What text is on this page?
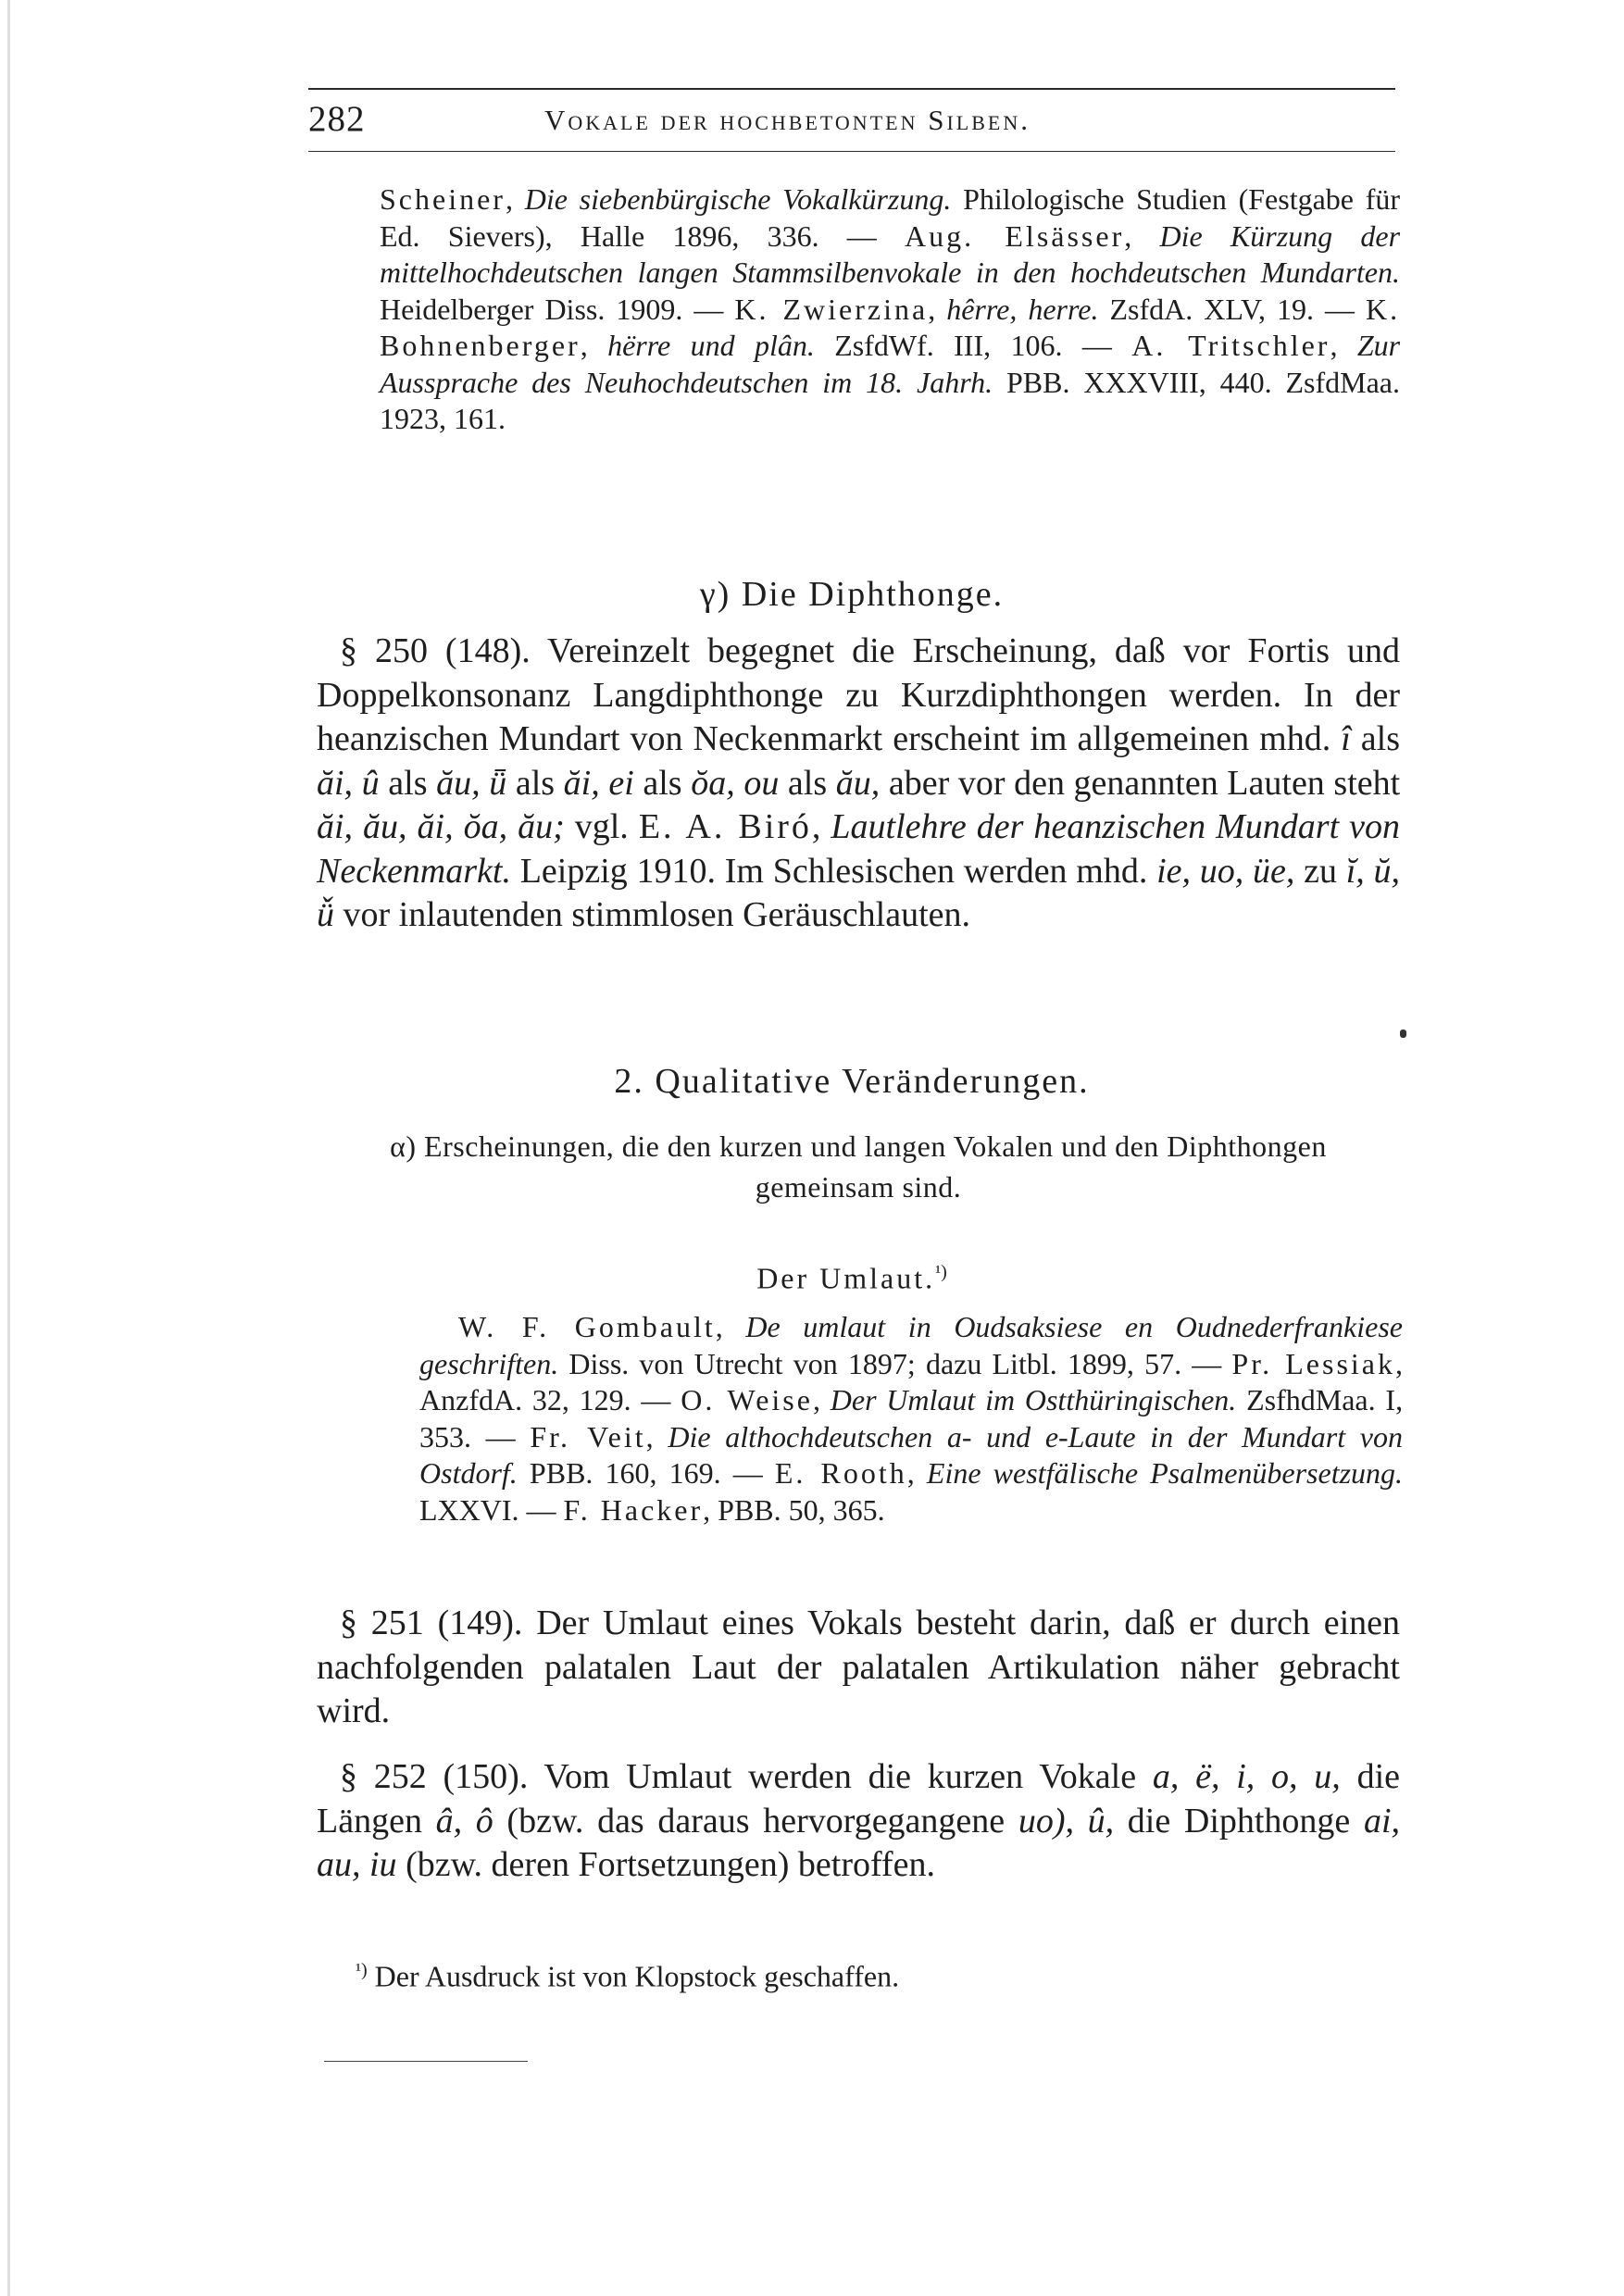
282	Vokale der hochbetonten Silben.

Scheiner, Die siebenbürgische Vokalkürzung. Philologische Studien (Festgabe für Ed. Sievers), Halle 1896, 336. — Aug. Elsässer, Die Kürzung der mittelhochdeutschen langen Stammsilbenvokale in den hochdeutschen Mundarten. Heidelberger Diss. 1909. — K. Zwierzina, hêrre, herre. ZsfdA. XLV, 19. — K. Bohnenberger, hërre und plân. ZsfdWf. III, 106. — A. Tritschler, Zur Aussprache des Neuhochdeutschen im 18. Jahrh. PBB. XXXVIII, 440. ZsfdMaa. 1923, 161.

γ) Die Diphthonge.

§ 250 (148). Vereinzelt begegnet die Erscheinung, daß vor Fortis und Doppelkonsonanz Langdiphthonge zu Kurzdiphthongen werden. In der heanzischen Mundart von Neckenmarkt erscheint im allgemeinen mhd. î als ăi, û als ău, ǖ als ăi, ei als ŏa, ou als ău, aber vor den genannten Lauten steht ăi, ău, ăi, ŏa, ău; vgl. E. A. Biró, Lautlehre der heanzischen Mundart von Neckenmarkt. Leipzig 1910. Im Schlesischen werden mhd. ie, uo, üe, zu ĭ, ŭ, ǚ vor inlautenden stimmlosen Geräuschlauten.

2. Qualitative Veränderungen.
α) Erscheinungen, die den kurzen und langen Vokalen und den Diphthongen gemeinsam sind.
Der Umlaut.$^{^1)}$

W. F. Gombault, De umlaut in Oudsaksiese en Oudnederfrankiese geschriften. Diss. von Utrecht von 1897; dazu Litbl. 1899, 57. — Pr. Lessiak, AnzfdA. 32, 129. — O. Weise, Der Umlaut im Ostthüringischen. ZsfhdMaa. I, 353. — Fr. Veit, Die althochdeutschen a- und e-Laute in der Mundart von Ostdorf. PBB. 160, 169. — E. Rooth, Eine westfälische Psalmenübersetzung. LXXVI. — F. Hacker, PBB. 50, 365.

§ 251 (149). Der Umlaut eines Vokals besteht darin, daß er durch einen nachfolgenden palatalen Laut der palatalen Artikulation näher gebracht wird.

§ 252 (150). Vom Umlaut werden die kurzen Vokale a, ë, i, o, u, die Längen â, ô (bzw. das daraus hervorgegangene uo), û, die Diphthonge ai, au, iu (bzw. deren Fortsetzungen) betroffen.

$^{^1)}$ Der Ausdruck ist von Klopstock geschaffen.
